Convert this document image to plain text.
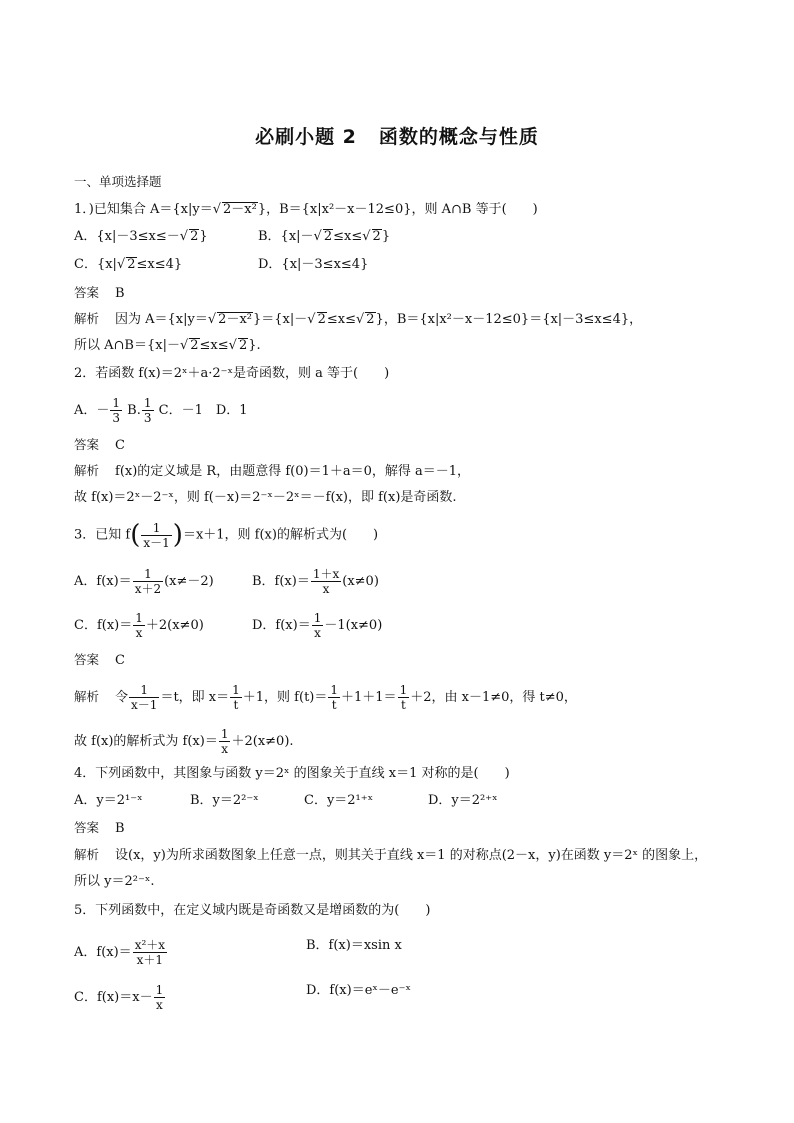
必刷小题 2 函数的概念与性质
一、单项选择题
1．)已知集合 A＝{x|y＝√ 2－x²}，B＝{x|x²－x－12≤0}，则 A∩B 等于(　　)
A．{x|－3≤x≤－√ 2}	B．{x|－√ 2≤x≤√ 2}
C．{x|√ 2≤x≤4}	D．{x|－3≤x≤4}
答案 B
解析 因为 A＝{x|y＝√ 2－x²}＝{x|－√ 2≤x≤√ 2}，B＝{x|x²－x－12≤0}＝{x|－3≤x≤4}，
所以 A∩B＝{x|－√ 2≤x≤√ 2}.
2．若函数 f(x)＝2ˣ＋a·2⁻ˣ是奇函数，则 a 等于(　　)
A．－ $\frac{1}{3} B$. $\frac{1}{3}$ C．－1　D．1
答案 C
解析 f(x)的定义域是 R，由题意得 f(0)＝1＋a＝0，解得 a＝－1，
故 f(x)＝2ˣ－2⁻ˣ，则 f(－x)＝2⁻ˣ－2ˣ＝－f(x)，即 f(x)是奇函数.
3．已知 $f( \frac{1}{x-1} )=x+1$，则 f(x)的解析式为(　　)
A．$f(x)= \frac{1}{x+2} (x\ne-2)$	B．$f(x)= \frac{1+x}{x} (x\ne 0)$
C．$f(x)= \frac{1}{x} +2(x\ne 0)$	D．$f(x)= \frac{1}{x} -1(x\ne 0)$
答案 C
解析 令 $\frac{1}{x-1} =t$，即 $x= \frac{1}{t} +1$，则 $f(t)= \frac{1}{t} +1+1= \frac{1}{t} +2$，由 x－1≠0，得 t≠0，
故 f(x)的解析式为 $f(x)= \frac{1}{x} +2(x\ne 0)$.
4．下列函数中，其图象与函数 y＝2ˣ 的图象关于直线 x＝1 对称的是(　　)
A．y＝2¹⁻ˣ	B．y＝2²⁻ˣ	C．y＝2¹⁺ˣ	D．y＝2²⁺ˣ
答案 B
解析 设(x，y)为所求函数图象上任意一点，则其关于直线 x＝1 的对称点(2－x，y)在函数 y＝2ˣ 的图象上，
所以 y＝2²⁻ˣ.
5．下列函数中，在定义域内既是奇函数又是增函数的为(　　)
A．$f(x)= \frac{\text{x²＋x}}{x+1}$	B．f(x)＝xsin x
C．$f(x)=x- \frac{1}{x}$	D．f(x)＝eˣ－e⁻ˣ
